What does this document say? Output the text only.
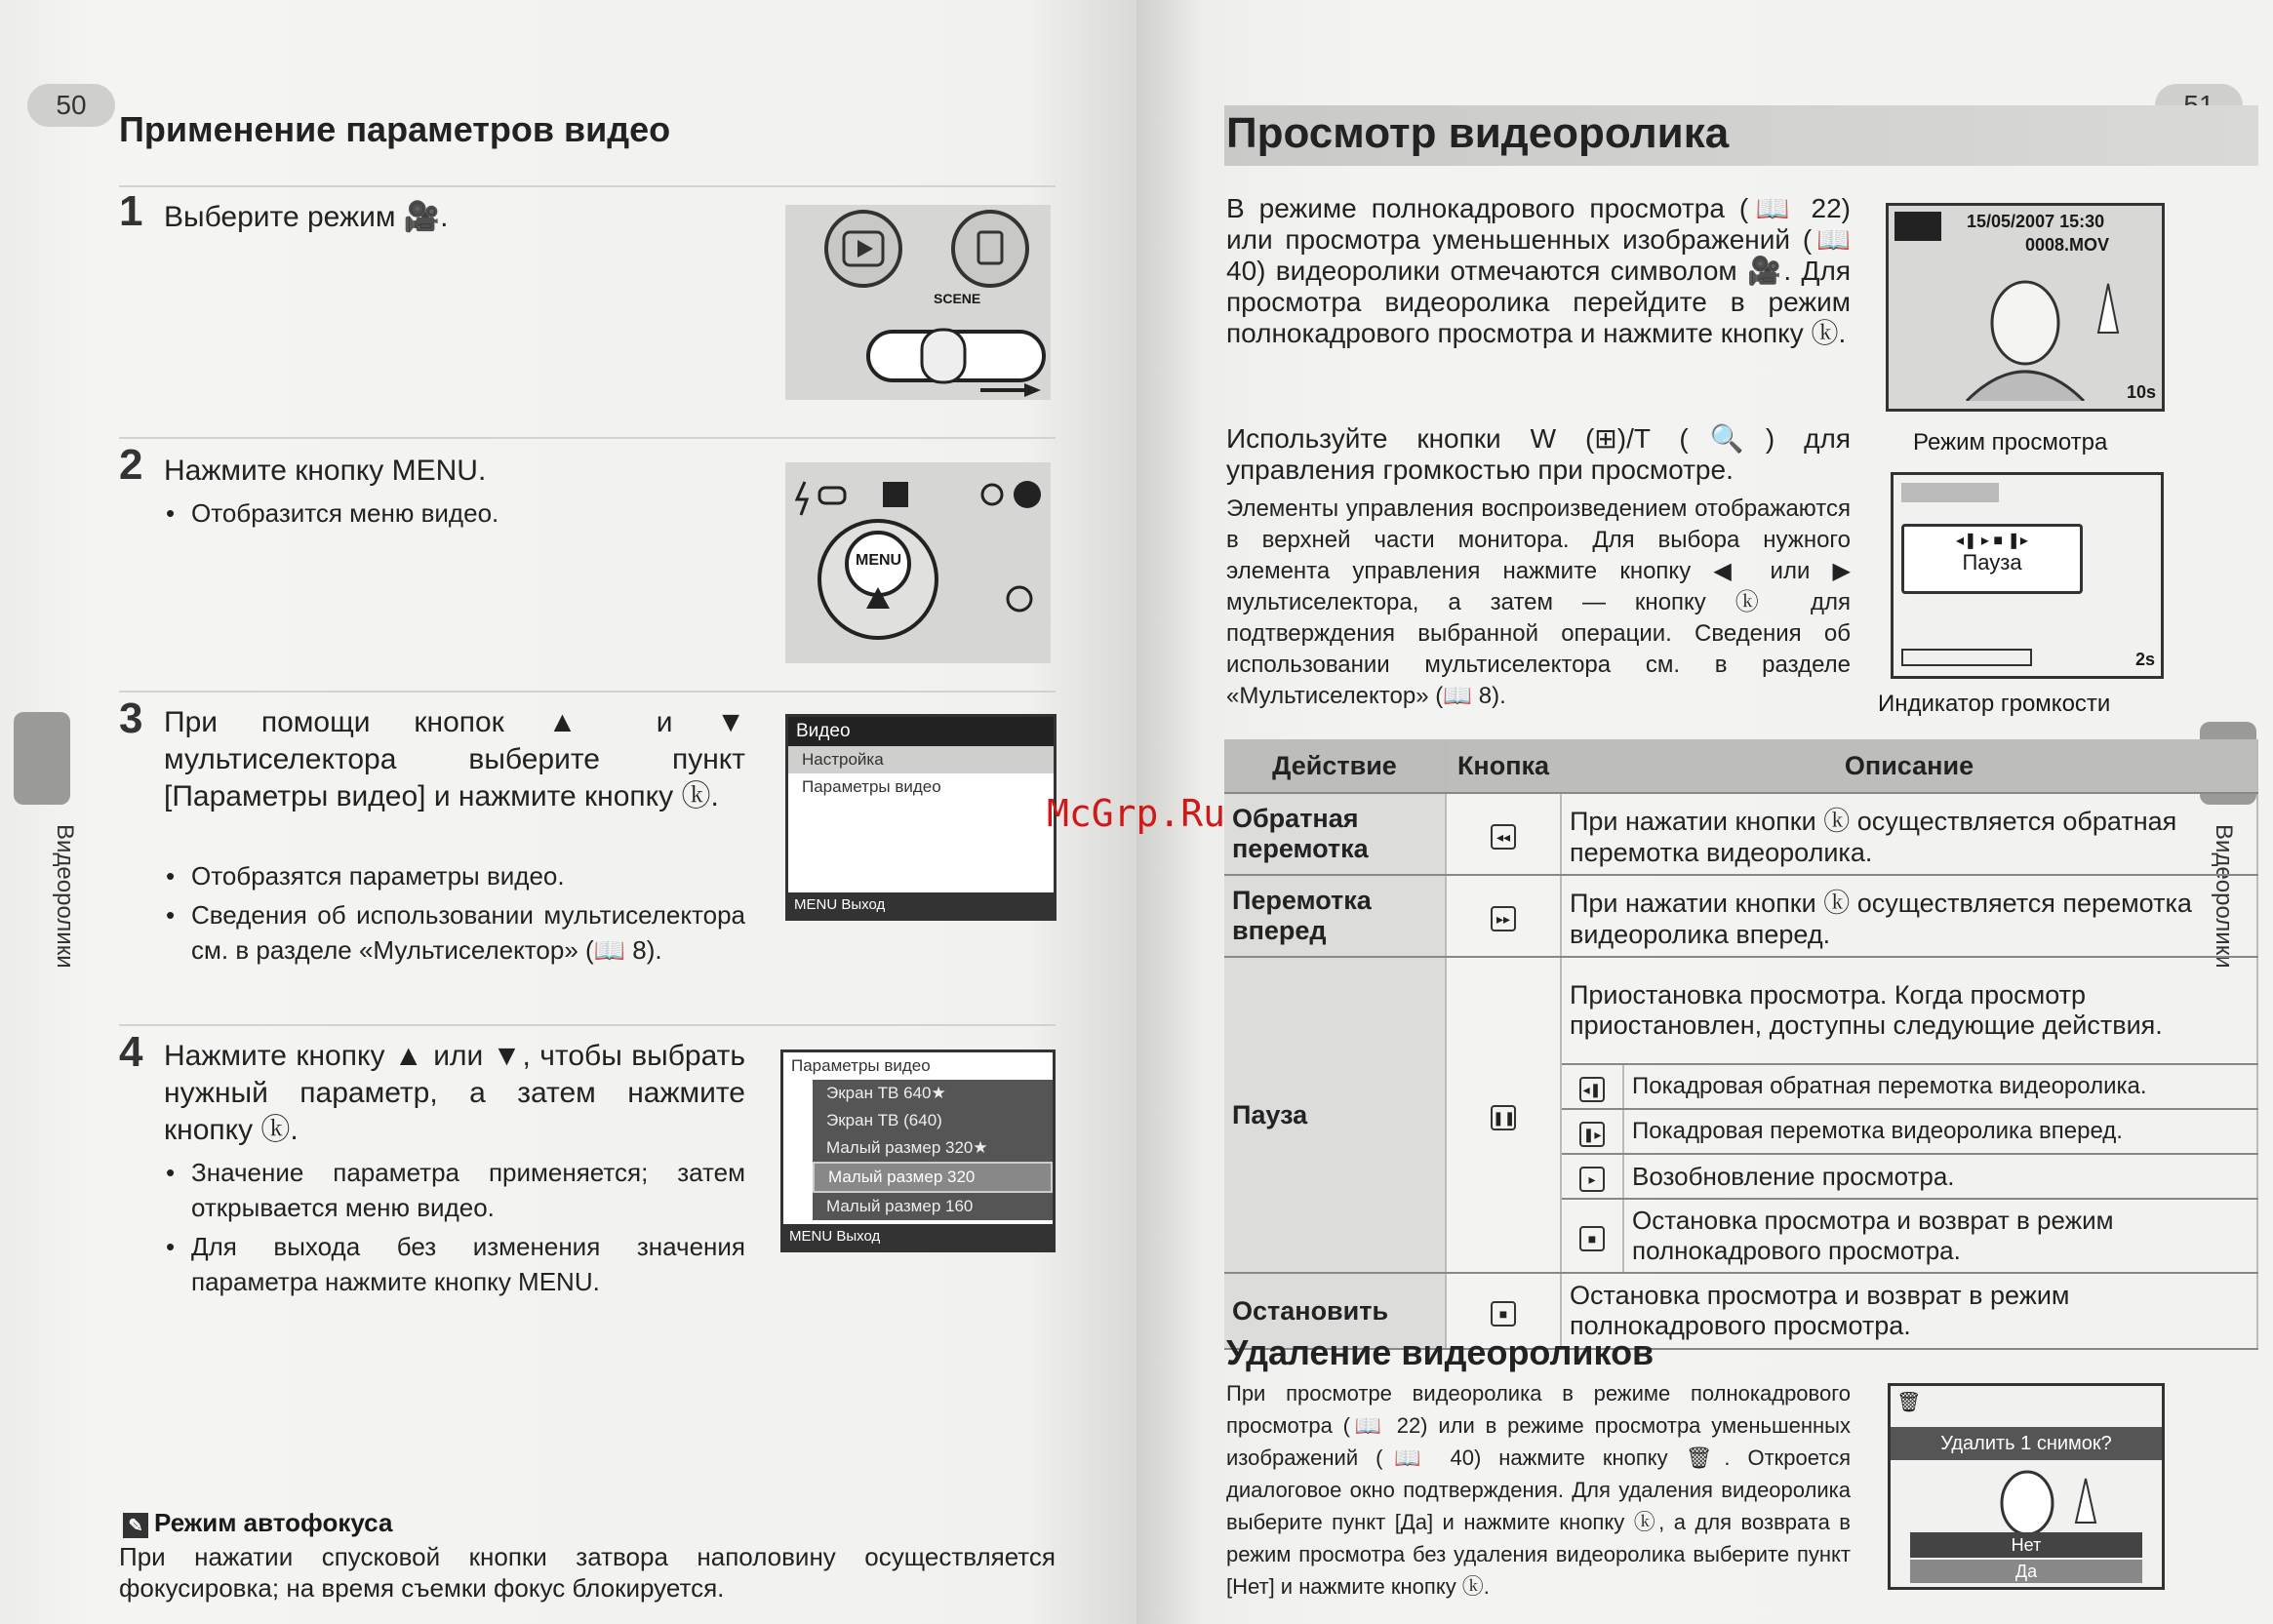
50
Применение параметров видео
Видеоролики
1 Выберите режим 🎥.
SCENE
2 Нажмите кнопку MENU.
• Отобразится меню видео.
MENU
3 При помощи кнопок ▲ и ▼ мультиселектора выберите пункт [Параметры видео] и нажмите кнопку ⓚ.
• Отобразятся параметры видео.
• Сведения об использовании мультиселектора см. в разделе «Мультиселектор» (📖 8).
Видео
Настройка
Параметры видео
MENU Выход
4 Нажмите кнопку ▲ или ▼, чтобы выбрать нужный параметр, а затем нажмите кнопку ⓚ.
• Значение параметра применяется; затем открывается меню видео.
• Для выхода без изменения значения параметра нажмите кнопку MENU.
Параметры видео
Экран ТВ 640★
Экран ТВ (640)
Малый размер 320★
Малый размер 320
Малый размер 160
MENU Выход
✎ Режим автофокуса
При нажатии спусковой кнопки затвора наполовину осуществляется фокусировка; на время съемки фокус блокируется.
Просмотр видеоролика
Видеоролики
В режиме полнокадрового просмотра (📖 22) или просмотра уменьшенных изображений (📖 40) видеоролики отмечаются символом 🎥. Для просмотра видеоролика перейдите в режим полнокадрового просмотра и нажмите кнопку ⓚ.
Используйте кнопки W (⊞)/T (🔍) для управления громкостью при просмотре.
Элементы управления воспроизведением отображаются в верхней части монитора. Для выбора нужного элемента управления нажмите кнопку ◀ или ▶ мультиселектора, а затем — кнопку ⓚ для подтверждения выбранной операции. Сведения об использовании мультиселектора см. в разделе «Мультиселектор» (📖 8).
15/05/2007 15:30
0008.MOV
10s
Режим просмотра
◂❚ ▸ ■ ❚▸
Пауза
2s
Индикатор громкости
Действие	Кнопка	Описание	
Обратная перемотка	◂◂	При нажатии кнопки ⓚ осуществляется обратная перемотка видеоролика.	
Перемотка вперед	▸▸	При нажатии кнопки ⓚ осуществляется перемотка видеоролика вперед.	
Пауза	❚❚	Приостановка просмотра. Когда просмотр приостановлен, доступны следующие действия.	
		◂❚	Покадровая обратная перемотка видеоролика.
		❚▸	Покадровая перемотка видеоролика вперед.
		▸	Возобновление просмотра.
		■	Остановка просмотра и возврат в режим полнокадрового просмотра.
Остановить	■	Остановка просмотра и возврат в режим полнокадрового просмотра.	
Удаление видеороликов
При просмотре видеоролика в режиме полнокадрового просмотра (📖 22) или в режиме просмотра уменьшенных изображений (📖 40) нажмите кнопку 🗑. Откроется диалоговое окно подтверждения. Для удаления видеоролика выберите пункт [Да] и нажмите кнопку ⓚ, а для возврата в режим просмотра без удаления видеоролика выберите пункт [Нет] и нажмите кнопку ⓚ.
🗑
Удалить 1 снимок?
Нет
Да
McGrp.Ru
